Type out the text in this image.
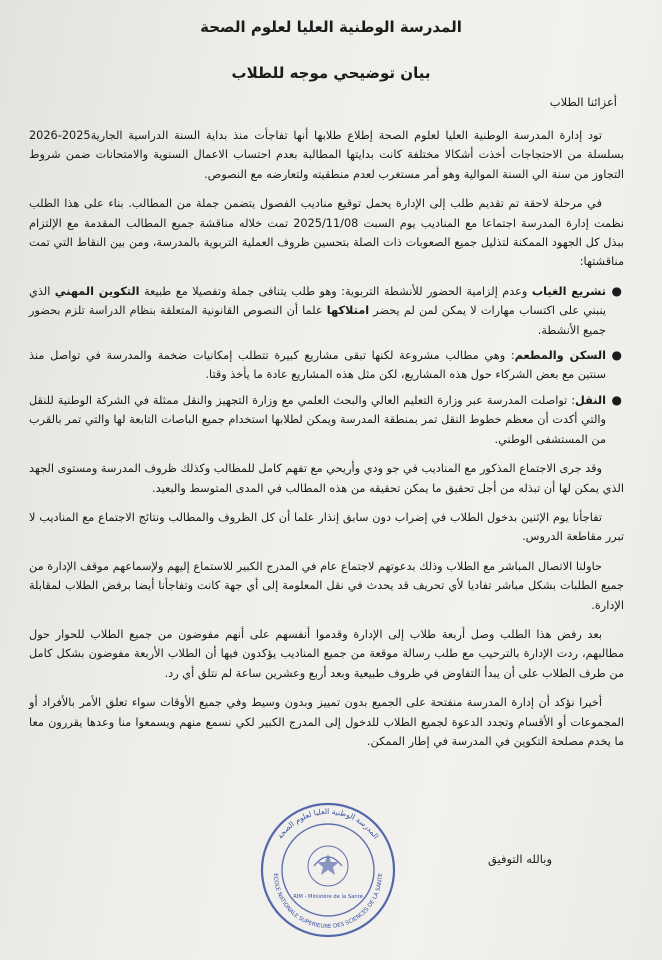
المدرسة الوطنية العليا لعلوم الصحة
بيان توضيحي موجه للطلاب
أعزائنا الطلاب

تود إدارة المدرسة الوطنية العليا لعلوم الصحة إطلاع طلابها أنها تفاجأت منذ بداية السنة الدراسية الجارية2025-2026 بسلسلة من الاحتجاجات أخذت أشكالا مختلفة كانت بدايتها المطالبة بعدم احتساب الاعمال السنوية والامتحانات ضمن شروط التجاوز من سنة الي السنة الموالية وهو أمر مستغرب لعدم منطقيته ولتعارضه مع النصوص.

في مرحلة لاحقة تم تقديم طلب إلى الإدارة يحمل توقيع مناديب الفصول يتضمن جملة من المطالب. بناء على هذا الطلب نظمت إدارة المدرسة اجتماعا مع المناديب يوم السبت 2025/11/08 تمت خلاله مناقشة جميع المطالب المقدمة مع الإلتزام ببذل كل الجهود الممكنة لتذليل جميع الصعوبات ذات الصلة بتحسين ظروف العملية التربوية بالمدرسة، ومن بين النقاط التي تمت مناقشتها:

●
تشريع الغياب وعدم إلزامية الحضور للأنشطة التربوية: وهو طلب يتنافى جملة وتفصيلا مع طبيعة التكوين المهني الذي ينبني على اكتساب مهارات لا يمكن لمن لم يحضر امتلاكها علما أن النصوص القانونية المتعلقة بنظام الدراسة تلزم بحضور جميع الأنشطة.
●
السكن والمطعم: وهي مطالب مشروعة لكنها تبقى مشاريع كبيرة تتطلب إمكانيات ضخمة والمدرسة في تواصل منذ سنتين مع بعض الشركاء حول هذه المشاريع، لكن مثل هذه المشاريع عادة ما يأخذ وقتا.
●
النقل: تواصلت المدرسة عبر وزارة التعليم العالي والبحث العلمي مع وزارة التجهيز والنقل ممثلة في الشركة الوطنية للنقل والتي أكدت أن معظم خطوط النقل تمر بمنطقة المدرسة ويمكن لطلابها استخدام جميع الباصات التابعة لها والتي تمر بالقرب من المستشفى الوطني.

وقد جرى الاجتماع المذكور مع المناديب في جو ودي وأريحي مع تفهم كامل للمطالب وكذلك ظروف المدرسة ومستوى الجهد الذي يمكن لها أن تبذله من أجل تحقيق ما يمكن تحقيقه من هذه المطالب في المدى المتوسط والبعيد.

تفاجأنا يوم الإثنين بدخول الطلاب في إضراب دون سابق إنذار علما أن كل الظروف والمطالب ونتائج الاجتماع مع المناديب لا تبرر مقاطعة الدروس.

حاولنا الاتصال المباشر مع الطلاب وذلك بدعوتهم لاجتماع عام في المدرج الكبير للاستماع إليهم ولإسماعهم موقف الإدارة من جميع الطلبات بشكل مباشر تفاديا لأي تحريف قد يحدث في نقل المعلومة إلى أي جهة كانت وتفاجأنا أيضا برفض الطلاب لمقابلة الإدارة.

بعد رفض هذا الطلب وصل أربعة طلاب إلى الإدارة وقدموا أنفسهم على أنهم مفوضون من جميع الطلاب للحوار حول مطالبهم، ردت الإدارة بالترحيب مع طلب رسالة موقعة من جميع المناديب يؤكدون فيها أن الطلاب الأربعة مفوضون بشكل كامل من طرف الطلاب على أن يبدأ التفاوض في ظروف طبيعية وبعد أربع وعشرين ساعة لم نتلق أي رد.

أخيرا نؤكد أن إدارة المدرسة منفتحة على الجميع بدون تمييز وبدون وسيط وفي جميع الأوقات سواء تعلق الأمر بالأفراد أو المجموعات أو الأقسام وتجدد الدعوة لجميع الطلاب للدخول إلى المدرج الكبير لكي نسمع منهم ويسمعوا منا وعدها يقررون معا ما يخدم مصلحة التكوين في المدرسة في إطار الممكن.

المدرسة الوطنية العليا لعلوم الصحة
ECOLE NATIONALE SUPERIEURE DES SCIENCES DE LA SANTE
RIM - Ministère de la Santé
وبالله التوفيق
